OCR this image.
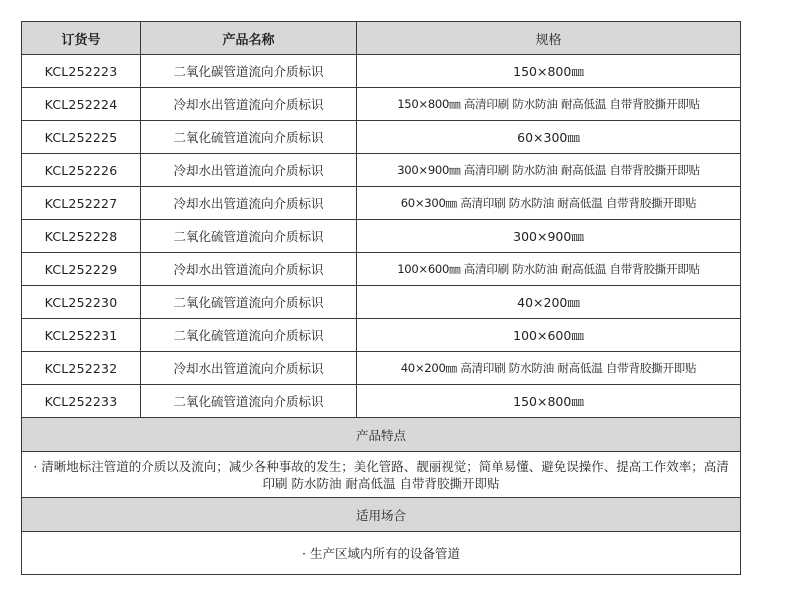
订货号	产品名称	规格
KCL252223	二氧化碳管道流向介质标识	150×800㎜
KCL252224	冷却水出管道流向介质标识	150×800㎜ 高清印刷 防水防油 耐高低温 自带背胶撕开即贴
KCL252225	二氧化硫管道流向介质标识	60×300㎜
KCL252226	冷却水出管道流向介质标识	300×900㎜ 高清印刷 防水防油 耐高低温 自带背胶撕开即贴
KCL252227	冷却水出管道流向介质标识	60×300㎜ 高清印刷 防水防油 耐高低温 自带背胶撕开即贴
KCL252228	二氧化硫管道流向介质标识	300×900㎜
KCL252229	冷却水出管道流向介质标识	100×600㎜ 高清印刷 防水防油 耐高低温 自带背胶撕开即贴
KCL252230	二氧化硫管道流向介质标识	40×200㎜
KCL252231	二氧化硫管道流向介质标识	100×600㎜
KCL252232	冷却水出管道流向介质标识	40×200㎜ 高清印刷 防水防油 耐高低温 自带背胶撕开即贴
KCL252233	二氧化硫管道流向介质标识	150×800㎜
产品特点		
· 清晰地标注管道的介质以及流向；减少各种事故的发生；美化管路、靓丽视觉；简单易懂、避免误操作、提高工作效率；高清印刷 防水防油 耐高低温 自带背胶撕开即贴		
适用场合		
· 生产区域内所有的设备管道		
